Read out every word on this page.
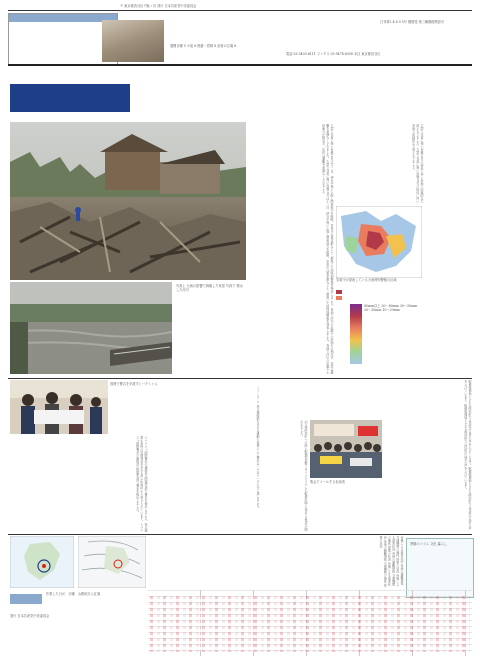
〒 東京都渋谷区千駄ヶ谷 発行 日本共産党中央委員会
週間日曜 5 小説 6 囲碁・将棋 8 読者の広場 8
日刊第2 4 6 9 5号 郵便受 第三種郵便物認可
電話 03-3403-6111 ファクス 03-5474-8358 本社 東京都渋谷区
写真上 台風の影響で倒壊した家屋 写真下 増水した河川	大型で非常に強い台風19号は十二日、伊豆半島に上陸し関東地方を縦断。気象庁は東京都など十二都県に大雨特別警報を発表しました。各地で河川の氾濫や土砂崩れが相次ぎ、住民は避難を余儀なくされました。大型で非常に強い台風19号は十二日、伊豆半島に上陸し関東地方を縦断。気象庁は東京都など十二都県に大雨特別警報を発表しました。各地で河川の氾濫や土砂崩れが相次ぎ、住民は避難を余儀なくされました。	大型で非常に強い台風19号の接近に伴い各地で記録的な大雨となりました。大型で非常に強い台風19号の接近に伴い各地で記録的な大雨となりました。
気象庁が発表している大雨特別警報の区域
80mm以上 50〜80mm 30〜50mm 20〜30mm 10〜20mm
国連で署名を手渡すヒバクシャら
ヒバクシャ国際署名の連絡会は国連本部で署名を提出しました。核兵器禁止条約の早期発効を求める声が世界中から寄せられています。ヒバクシャ国際署名の連絡会は国連本部で署名を提出しました。	ニューヨーク 核兵器廃絶を求める運動の成果として署名は一千五十一万人分に達しました。	山口県阿武町への陸上配備型迎撃ミサイルシステムの配備計画に反対する集会が開かれました。
集会でコールする参加者	配備候補地とされる阿武町では住民が反対の声を上げています。配備候補地とされる阿武町では住民が反対の声を上げています。配備候補地とされる阿武町では住民が反対の声を上げています。
台風による被害状況 各地の避難情報 交通機関の運休 停電の状況 台風による被害状況 各地の避難情報 交通機関の運休 停電の状況 台風による被害状況 各地の避難情報 交通機関の運休 停電の状況	季節のコラム 文化 暮らし
作業した日が、日曜、山路地方に紅葉
発行 日本共産党中央委員会
